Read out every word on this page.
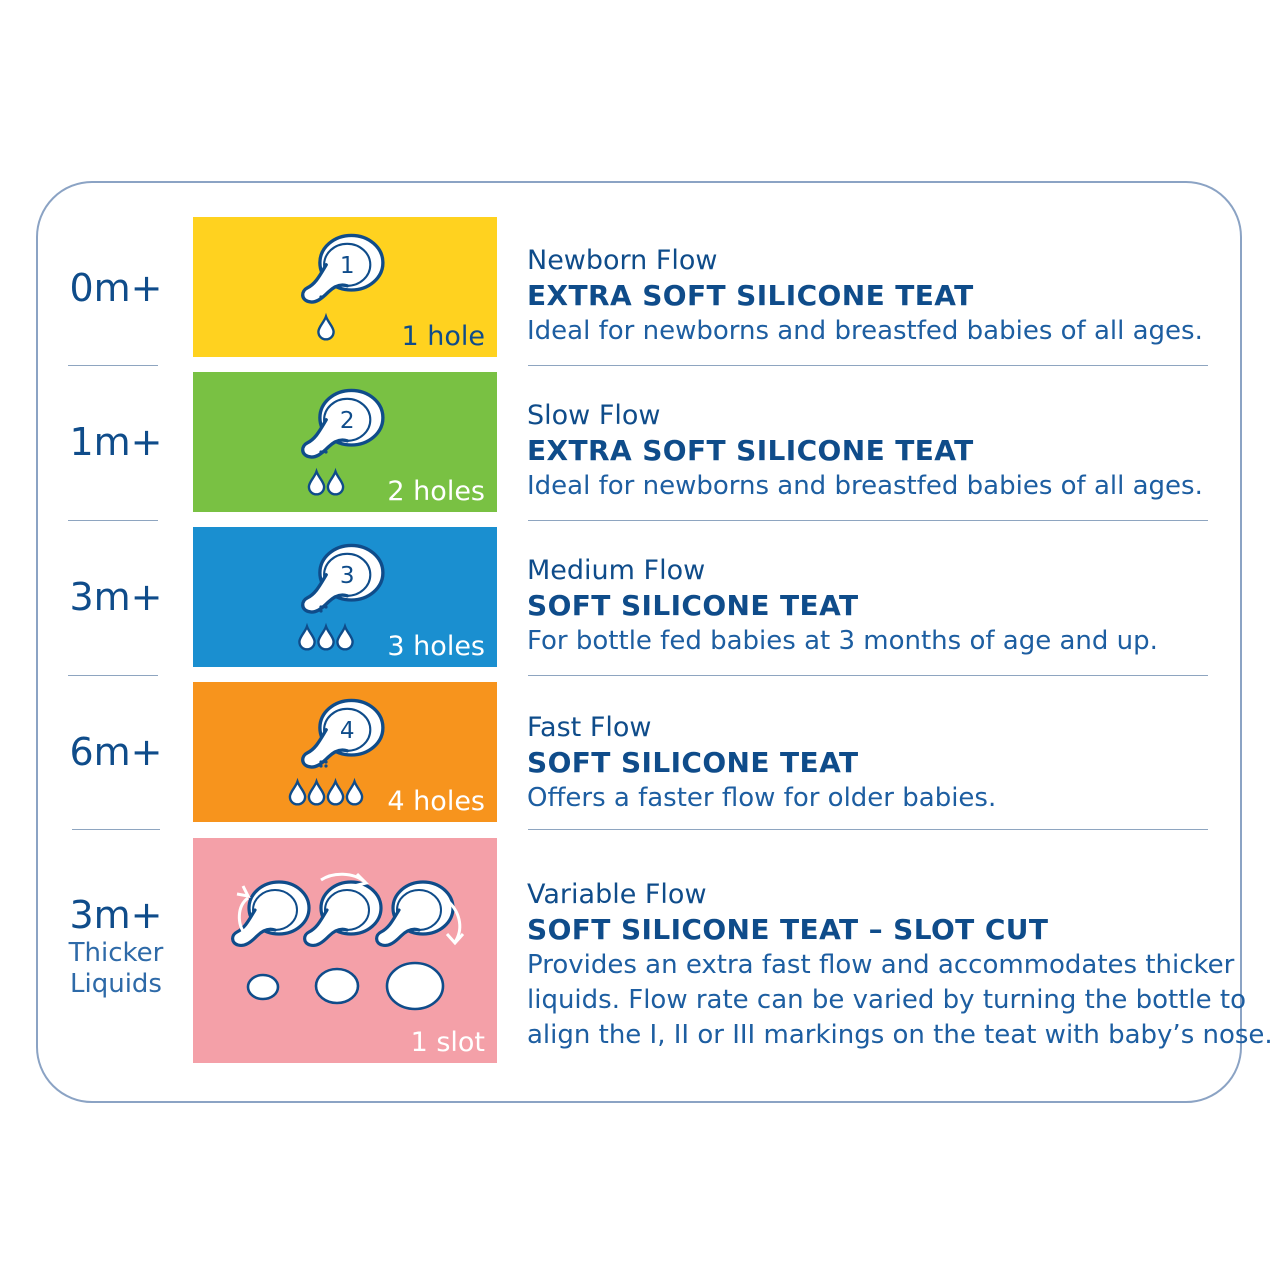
0m+	1
1 hole
Newborn Flow
EXTRA SOFT SILICONE TEAT
Ideal for newborns and breastfed babies of all ages.
1m+	2
2 holes
Slow Flow
EXTRA SOFT SILICONE TEAT
Ideal for newborns and breastfed babies of all ages.
3m+	3
3 holes
Medium Flow
SOFT SILICONE TEAT
For bottle fed babies at 3 months of age and up.
6m+	4
4 holes
Fast Flow
SOFT SILICONE TEAT
Offers a faster flow for older babies.
3m+
Thicker
Liquids
1 slot
Variable Flow
SOFT SILICONE TEAT – SLOT CUT
Provides an extra fast flow and accommodates thicker
liquids. Flow rate can be varied by turning the bottle to
align the I, II or III markings on the teat with baby’s nose.
